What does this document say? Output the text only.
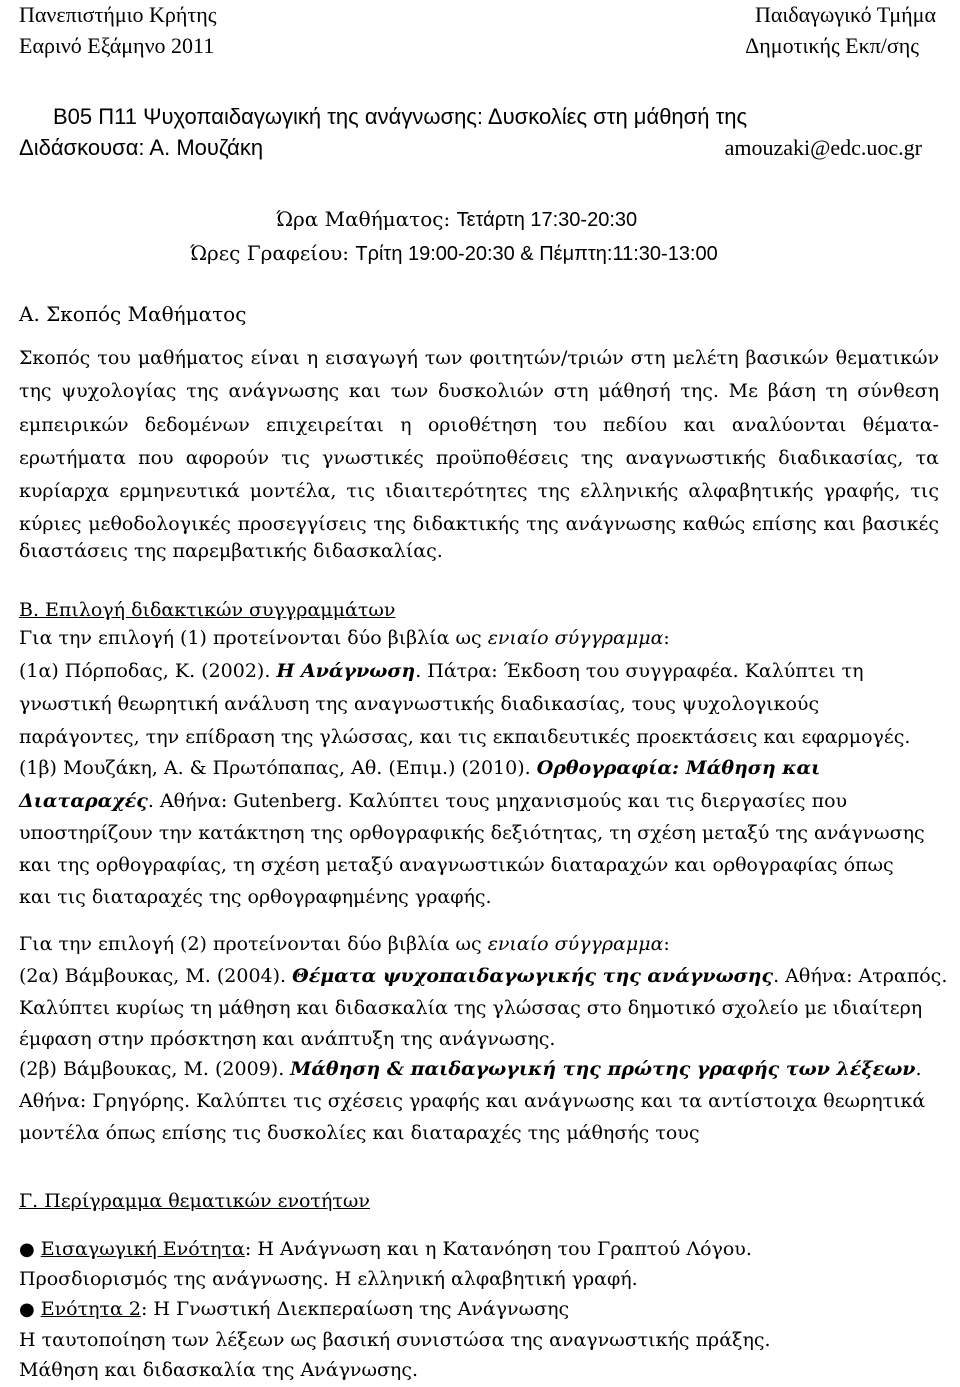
Πανεπιστήμιο Κρήτης
Εαρινό Εξάμηνο 2011
Παιδαγωγικό Τμήμα
Δημοτικής Εκπ/σης
Β05 Π11 Ψυχοπαιδαγωγική της ανάγνωσης: Δυσκολίες στη μάθησή της
Διδάσκουσα: Α. Μουζάκη	amouzaki@edc.uoc.gr
Ώρα Μαθήματος: Τετάρτη 17:30-20:30
Ώρες Γραφείου: Τρίτη 19:00-20:30 & Πέμπτη:11:30-13:00
Α. Σκοπός Μαθήματος
Σκοπός του μαθήματος είναι η εισαγωγή των φοιτητών/τριών στη μελέτη βασικών θεματικών
της ψυχολογίας της ανάγνωσης και των δυσκολιών στη μάθησή της. Με βάση τη σύνθεση
εμπειρικών δεδομένων επιχειρείται η οριοθέτηση του πεδίου και αναλύονται θέματα-
ερωτήματα που αφορούν τις γνωστικές προϋποθέσεις της αναγνωστικής διαδικασίας, τα
κυρίαρχα ερμηνευτικά μοντέλα, τις ιδιαιτερότητες της ελληνικής αλφαβητικής γραφής, τις
κύριες μεθοδολογικές προσεγγίσεις της διδακτικής της ανάγνωσης καθώς επίσης και βασικές
διαστάσεις της παρεμβατικής διδασκαλίας.
Β. Επιλογή διδακτικών συγγραμμάτων
Για την επιλογή (1) προτείνονται δύο βιβλία ως ενιαίο σύγγραμμα:
(1α) Πόρποδας, Κ. (2002). Η Ανάγνωση. Πάτρα: Έκδοση του συγγραφέα. Καλύπτει τη
γνωστική θεωρητική ανάλυση της αναγνωστικής διαδικασίας, τους ψυχολογικούς
παράγοντες, την επίδραση της γλώσσας, και τις εκπαιδευτικές προεκτάσεις και εφαρμογές.
(1β) Μουζάκη, Α. & Πρωτόπαπας, Αθ. (Επιμ.) (2010). Ορθογραφία: Μάθηση και
Διαταραχές. Αθήνα: Gutenberg. Καλύπτει τους μηχανισμούς και τις διεργασίες που
υποστηρίζουν την κατάκτηση της ορθογραφικής δεξιότητας, τη σχέση μεταξύ της ανάγνωσης
και της ορθογραφίας, τη σχέση μεταξύ αναγνωστικών διαταραχών και ορθογραφίας όπως
και τις διαταραχές της ορθογραφημένης γραφής.
Για την επιλογή (2) προτείνονται δύο βιβλία ως ενιαίο σύγγραμμα:
(2α) Βάμβουκας, Μ. (2004). Θέματα ψυχοπαιδαγωγικής της ανάγνωσης. Αθήνα: Ατραπός.
Καλύπτει κυρίως τη μάθηση και διδασκαλία της γλώσσας στο δημοτικό σχολείο με ιδιαίτερη
έμφαση στην πρόσκτηση και ανάπτυξη της ανάγνωσης.
(2β) Βάμβουκας, Μ. (2009). Μάθηση & παιδαγωγική της πρώτης γραφής των λέξεων.
Αθήνα: Γρηγόρης. Καλύπτει τις σχέσεις γραφής και ανάγνωσης και τα αντίστοιχα θεωρητικά
μοντέλα όπως επίσης τις δυσκολίες και διαταραχές της μάθησής τους
Γ. Περίγραμμα θεματικών ενοτήτων
● Εισαγωγική Ενότητα: Η Ανάγνωση και η Κατανόηση του Γραπτού Λόγου.
Προσδιορισμός της ανάγνωσης. Η ελληνική αλφαβητική γραφή.
● Ενότητα 2: Η Γνωστική Διεκπεραίωση της Ανάγνωσης
Η ταυτοποίηση των λέξεων ως βασική συνιστώσα της αναγνωστικής πράξης.
Μάθηση και διδασκαλία της Ανάγνωσης.
